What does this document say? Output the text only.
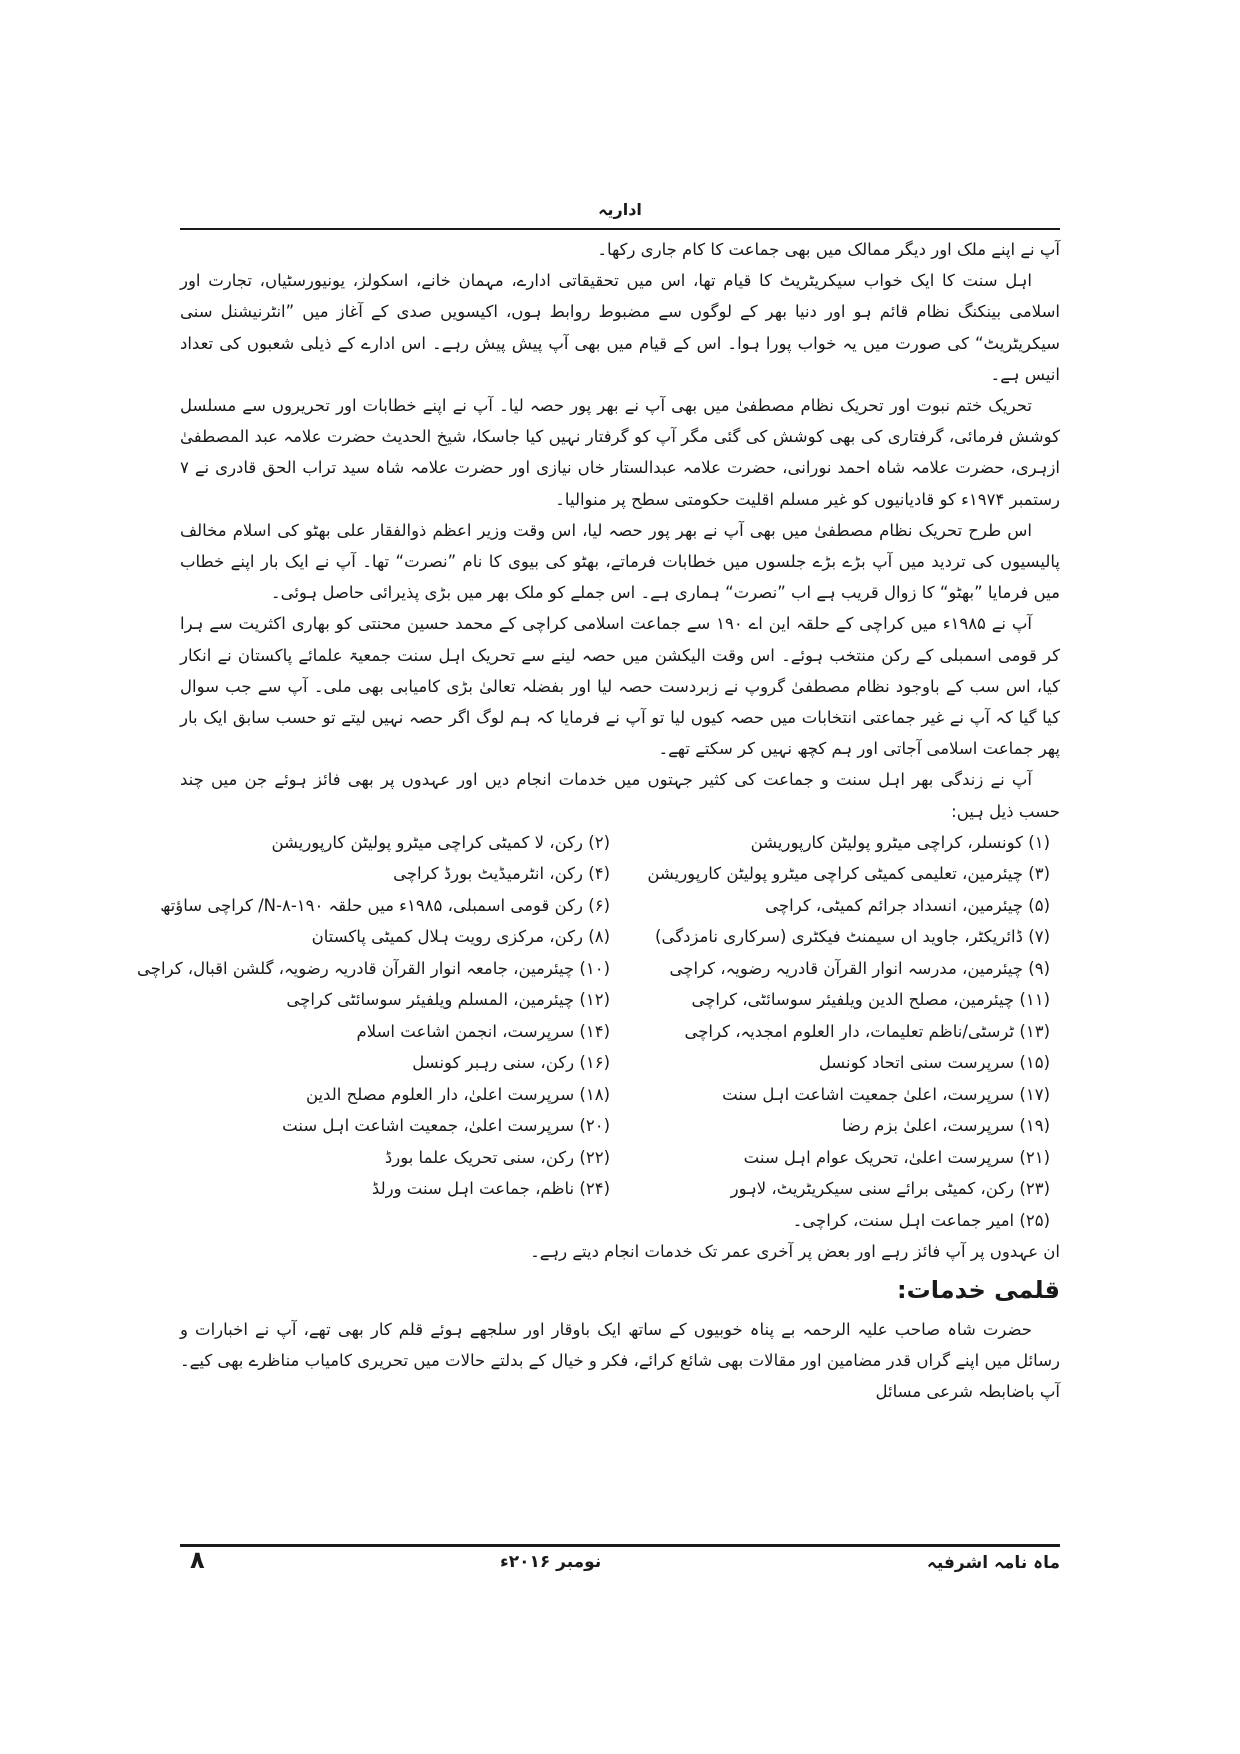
اداریہ

آپ نے اپنے ملک اور دیگر ممالک میں بھی جماعت کا کام جاری رکھا۔

اہل سنت کا ایک خواب سیکریٹریٹ کا قیام تھا، اس میں تحقیقاتی ادارے، مہمان خانے، اسکولز، یونیورسٹیاں، تجارت اور اسلامی بینکنگ نظام قائم ہو اور دنیا بھر کے لوگوں سے مضبوط روابط ہوں، اکیسویں صدی کے آغاز میں ”انٹرنیشنل سنی سیکریٹریٹ“ کی صورت میں یہ خواب پورا ہوا۔ اس کے قیام میں بھی آپ پیش پیش رہے۔ اس ادارے کے ذیلی شعبوں کی تعداد انیس ہے۔

تحریک ختم نبوت اور تحریک نظام مصطفیٰ میں بھی آپ نے بھر پور حصہ لیا۔ آپ نے اپنے خطابات اور تحریروں سے مسلسل کوشش فرمائی، گرفتاری کی بھی کوشش کی گئی مگر آپ کو گرفتار نہیں کیا جاسکا، شیخ الحدیث حضرت علامہ عبد المصطفیٰ ازہری، حضرت علامہ شاہ احمد نورانی، حضرت علامہ عبدالستار خاں نیازی اور حضرت علامہ شاہ سید تراب الحق قادری نے ۷ رستمبر ۱۹۷۴ء کو قادیانیوں کو غیر مسلم اقلیت حکومتی سطح پر منوالیا۔

اس طرح تحریک نظام مصطفیٰ میں بھی آپ نے بھر پور حصہ لیا، اس وقت وزیر اعظم ذوالفقار علی بھٹو کی اسلام مخالف پالیسیوں کی تردید میں آپ بڑے بڑے جلسوں میں خطابات فرماتے، بھٹو کی بیوی کا نام ”نصرت“ تھا۔ آپ نے ایک بار اپنے خطاب میں فرمایا ”بھٹو“ کا زوال قریب ہے اب ”نصرت“ ہماری ہے۔ اس جملے کو ملک بھر میں بڑی پذیرائی حاصل ہوئی۔

آپ نے ۱۹۸۵ء میں کراچی کے حلقہ این اے ۱۹۰ سے جماعت اسلامی کراچی کے محمد حسین محنتی کو بھاری اکثریت سے ہرا کر قومی اسمبلی کے رکن منتخب ہوئے۔ اس وقت الیکشن میں حصہ لینے سے تحریک اہل سنت جمعیۃ علمائے پاکستان نے انکار کیا، اس سب کے باوجود نظام مصطفیٰ گروپ نے زبردست حصہ لیا اور بفضلہ تعالیٰ بڑی کامیابی بھی ملی۔ آپ سے جب سوال کیا گیا کہ آپ نے غیر جماعتی انتخابات میں حصہ کیوں لیا تو آپ نے فرمایا کہ ہم لوگ اگر حصہ نہیں لیتے تو حسب سابق ایک بار پھر جماعت اسلامی آجاتی اور ہم کچھ نہیں کر سکتے تھے۔

آپ نے زندگی بھر اہل سنت و جماعت کی کثیر جہتوں میں خدمات انجام دیں اور عہدوں پر بھی فائز ہوئے جن میں چند حسب ذیل ہیں:

(۱) کونسلر، کراچی میٹرو پولیٹن کارپوریشن
(۲) رکن، لا کمیٹی کراچی میٹرو پولیٹن کارپوریشن
(۳) چیئرمین، تعلیمی کمیٹی کراچی میٹرو پولیٹن کارپوریشن
(۴) رکن، انٹرمیڈیٹ بورڈ کراچی
(۵) چیئرمین، انسداد جرائم کمیٹی، کراچی
(۶) رکن قومی اسمبلی، ۱۹۸۵ء میں حلقہ ۱۹۰-۸-N/ کراچی ساؤتھ
(۷) ڈائریکٹر، جاوید اں سیمنٹ فیکٹری (سرکاری نامزدگی)
(۸) رکن، مرکزی رویت ہلال کمیٹی پاکستان
(۹) چیئرمین، مدرسہ انوار القرآن قادریہ رضویہ، کراچی
(۱۰) چیئرمین، جامعہ انوار القرآن قادریہ رضویہ، گلشن اقبال، کراچی
(۱۱) چیئرمین، مصلح الدین ویلفیئر سوسائٹی، کراچی
(۱۲) چیئرمین، المسلم ویلفیئر سوسائٹی کراچی
(۱۳) ٹرسٹی/ناظم تعلیمات، دار العلوم امجدیہ، کراچی
(۱۴) سرپرست، انجمن اشاعت اسلام
(۱۵) سرپرست سنی اتحاد کونسل
(۱۶) رکن، سنی رہبر کونسل
(۱۷) سرپرست، اعلیٰ جمعیت اشاعت اہل سنت
(۱۸) سرپرست اعلیٰ، دار العلوم مصلح الدین
(۱۹) سرپرست، اعلیٰ بزم رضا
(۲۰) سرپرست اعلیٰ، جمعیت اشاعت اہل سنت
(۲۱) سرپرست اعلیٰ، تحریک عوام اہل سنت
(۲۲) رکن، سنی تحریک علما بورڈ
(۲۳) رکن، کمیٹی برائے سنی سیکریٹریٹ، لاہور
(۲۴) ناظم، جماعت اہل سنت ورلڈ
(۲۵) امیر جماعت اہل سنت، کراچی۔

ان عہدوں پر آپ فائز رہے اور بعض پر آخری عمر تک خدمات انجام دیتے رہے۔

قلمی خدمات:

حضرت شاہ صاحب علیہ الرحمہ بے پناہ خوبیوں کے ساتھ ایک باوقار اور سلجھے ہوئے قلم کار بھی تھے، آپ نے اخبارات و رسائل میں اپنے گراں قدر مضامین اور مقالات بھی شائع کرائے، فکر و خیال کے بدلتے حالات میں تحریری کامیاب مناظرے بھی کیے۔ آپ باضابطہ شرعی مسائل

ماہ نامہ اشرفیہ
نومبر ۲۰۱۶ء
۸
